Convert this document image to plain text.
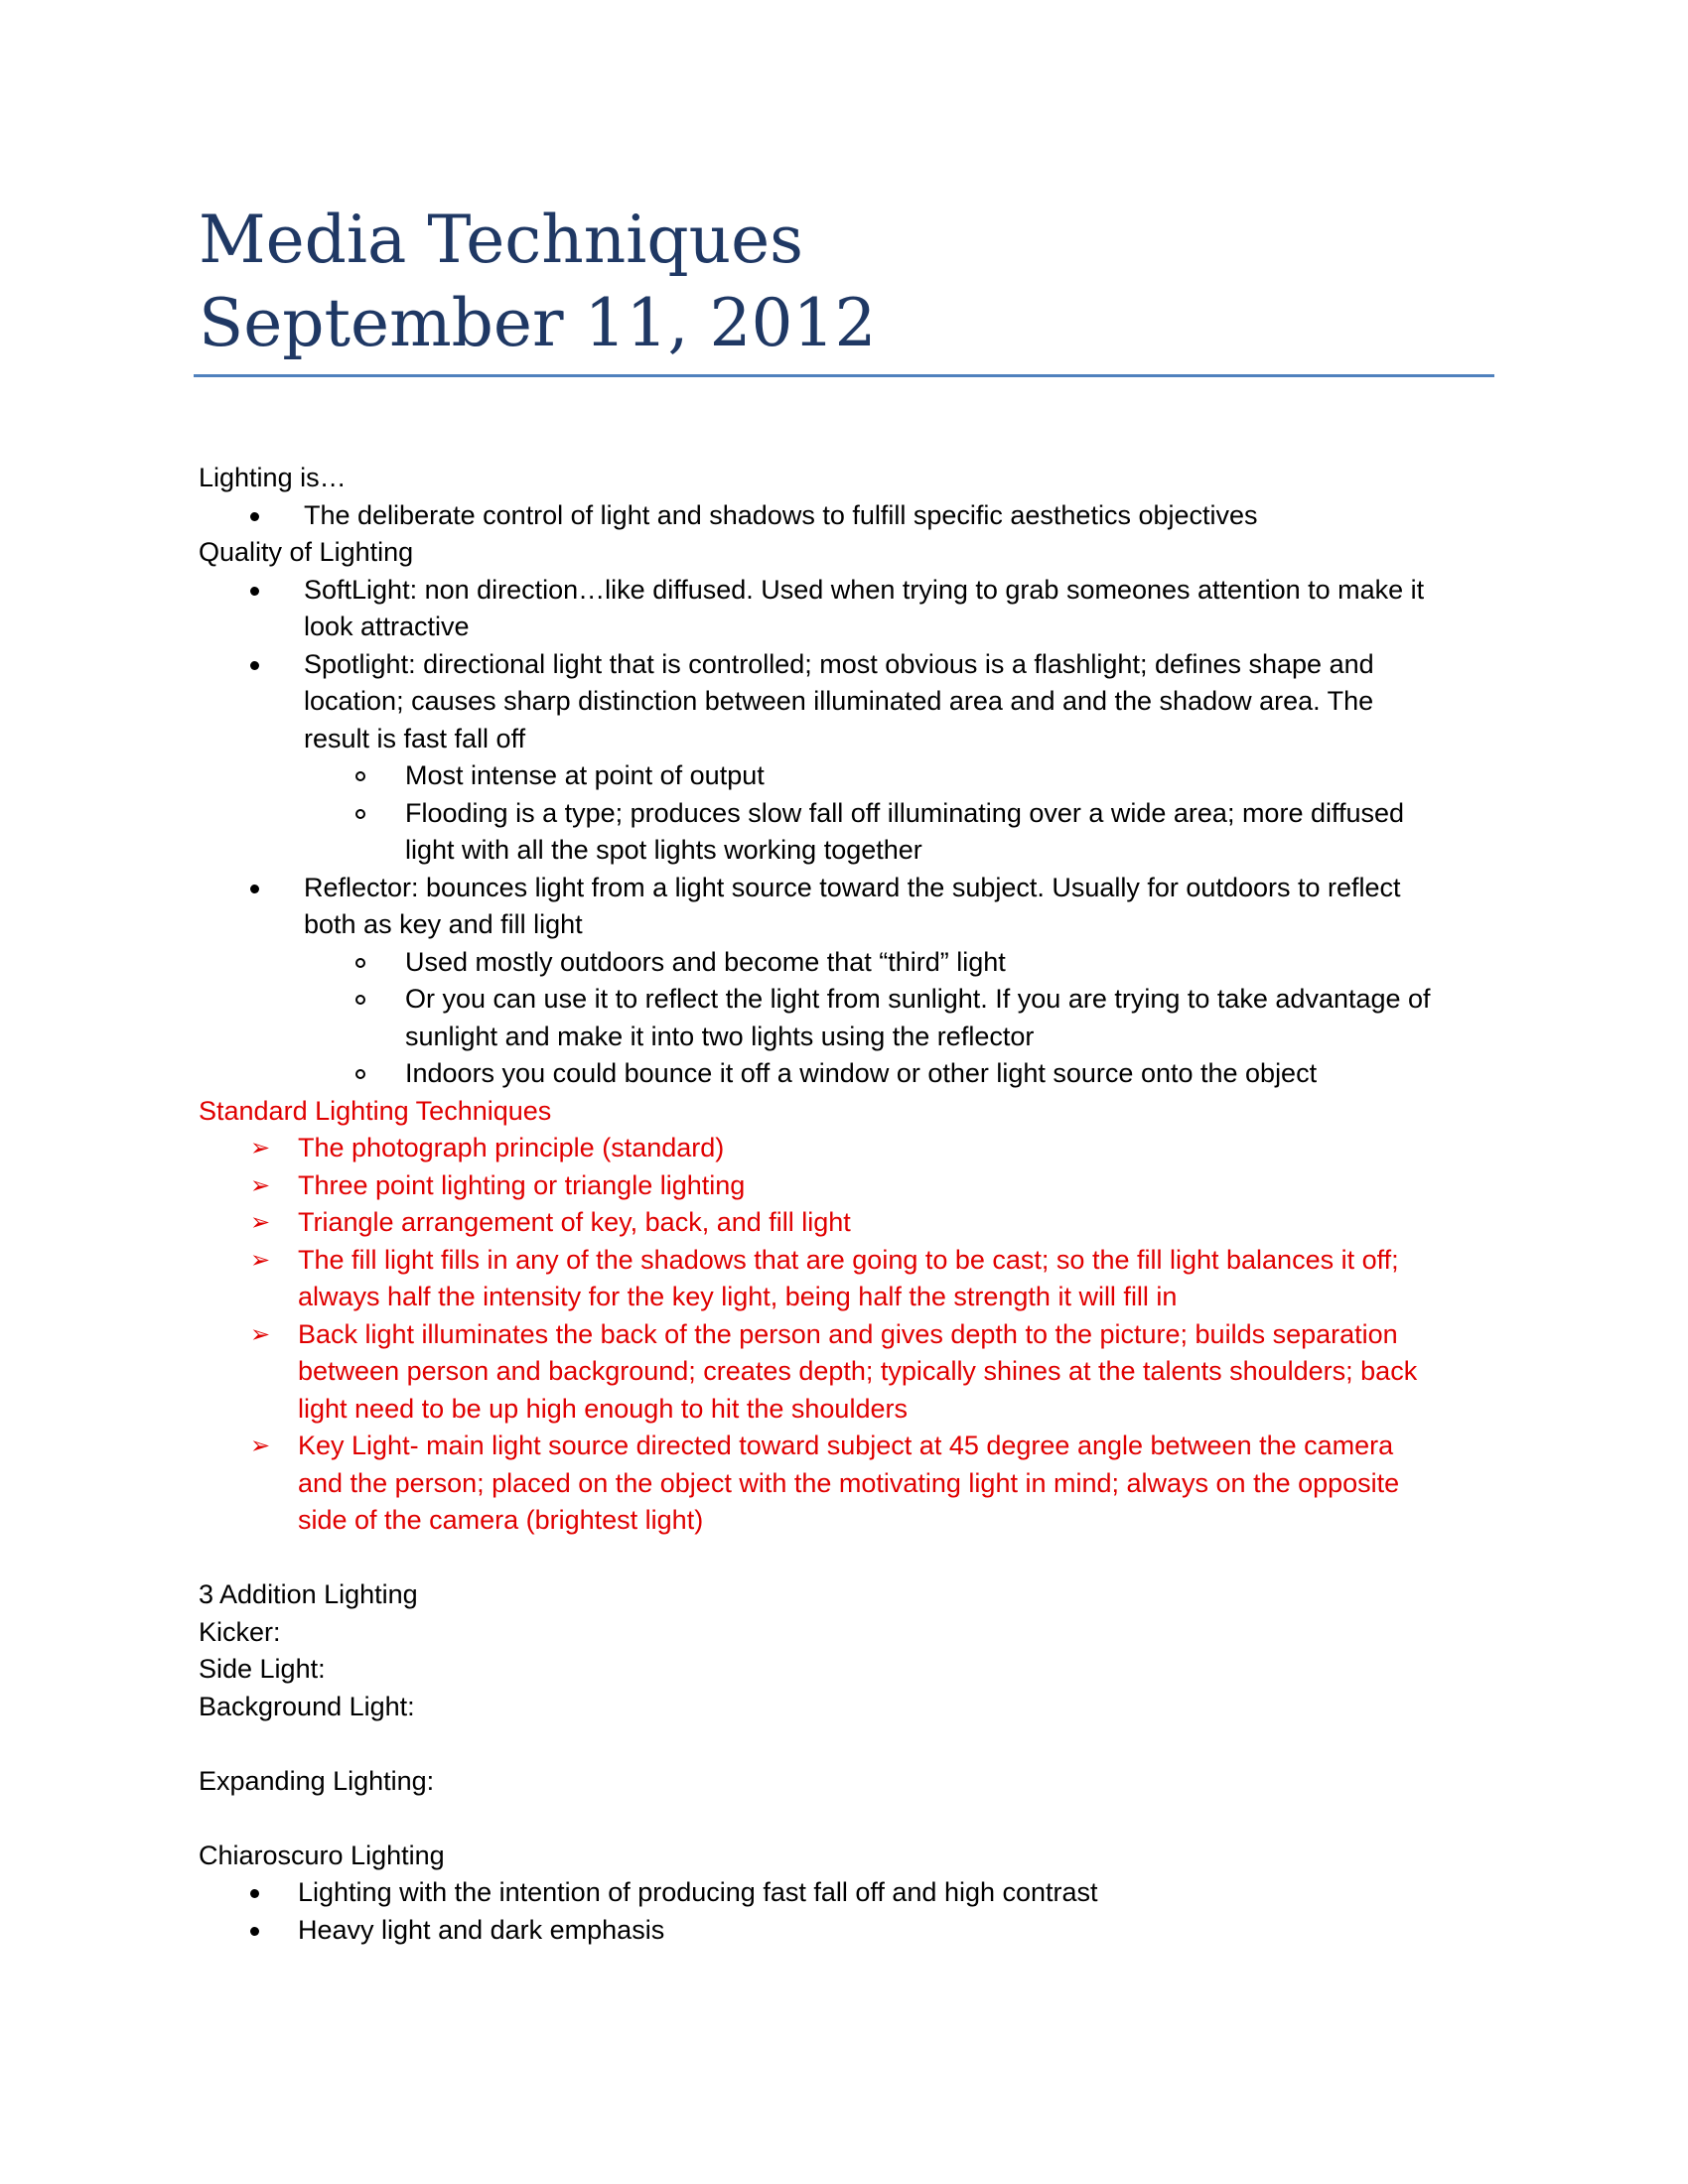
Media Techniques
September 11, 2012

Lighting is…

The deliberate control of light and shadows to fulfill specific aesthetics objectives

Quality of Lighting

SoftLight: non direction…like diffused. Used when trying to grab someones attention to make it
look attractive
Spotlight: directional light that is controlled; most obvious is a flashlight; defines shape and
location; causes sharp distinction between illuminated area and and the shadow area. The
result is fast fall off
Most intense at point of output
Flooding is a type; produces slow fall off illuminating over a wide area; more diffused
light with all the spot lights working together
Reflector: bounces light from a light source toward the subject. Usually for outdoors to reflect
both as key and fill light
Used mostly outdoors and become that “third” light
Or you can use it to reflect the light from sunlight. If you are trying to take advantage of
sunlight and make it into two lights using the reflector
Indoors you could bounce it off a window or other light source onto the object

Standard Lighting Techniques

➢ The photograph principle (standard)
➢ Three point lighting or triangle lighting
➢ Triangle arrangement of key, back, and fill light
➢ The fill light fills in any of the shadows that are going to be cast; so the fill light balances it off;
always half the intensity for the key light, being half the strength it will fill in
➢ Back light illuminates the back of the person and gives depth to the picture; builds separation
between person and background; creates depth; typically shines at the talents shoulders; back
light need to be up high enough to hit the shoulders
➢ Key Light- main light source directed toward subject at 45 degree angle between the camera
and the person; placed on the object with the motivating light in mind; always on the opposite
side of the camera (brightest light)

3 Addition Lighting

Kicker:

Side Light:

Background Light:

Expanding Lighting:

Chiaroscuro Lighting

Lighting with the intention of producing fast fall off and high contrast
Heavy light and dark emphasis
